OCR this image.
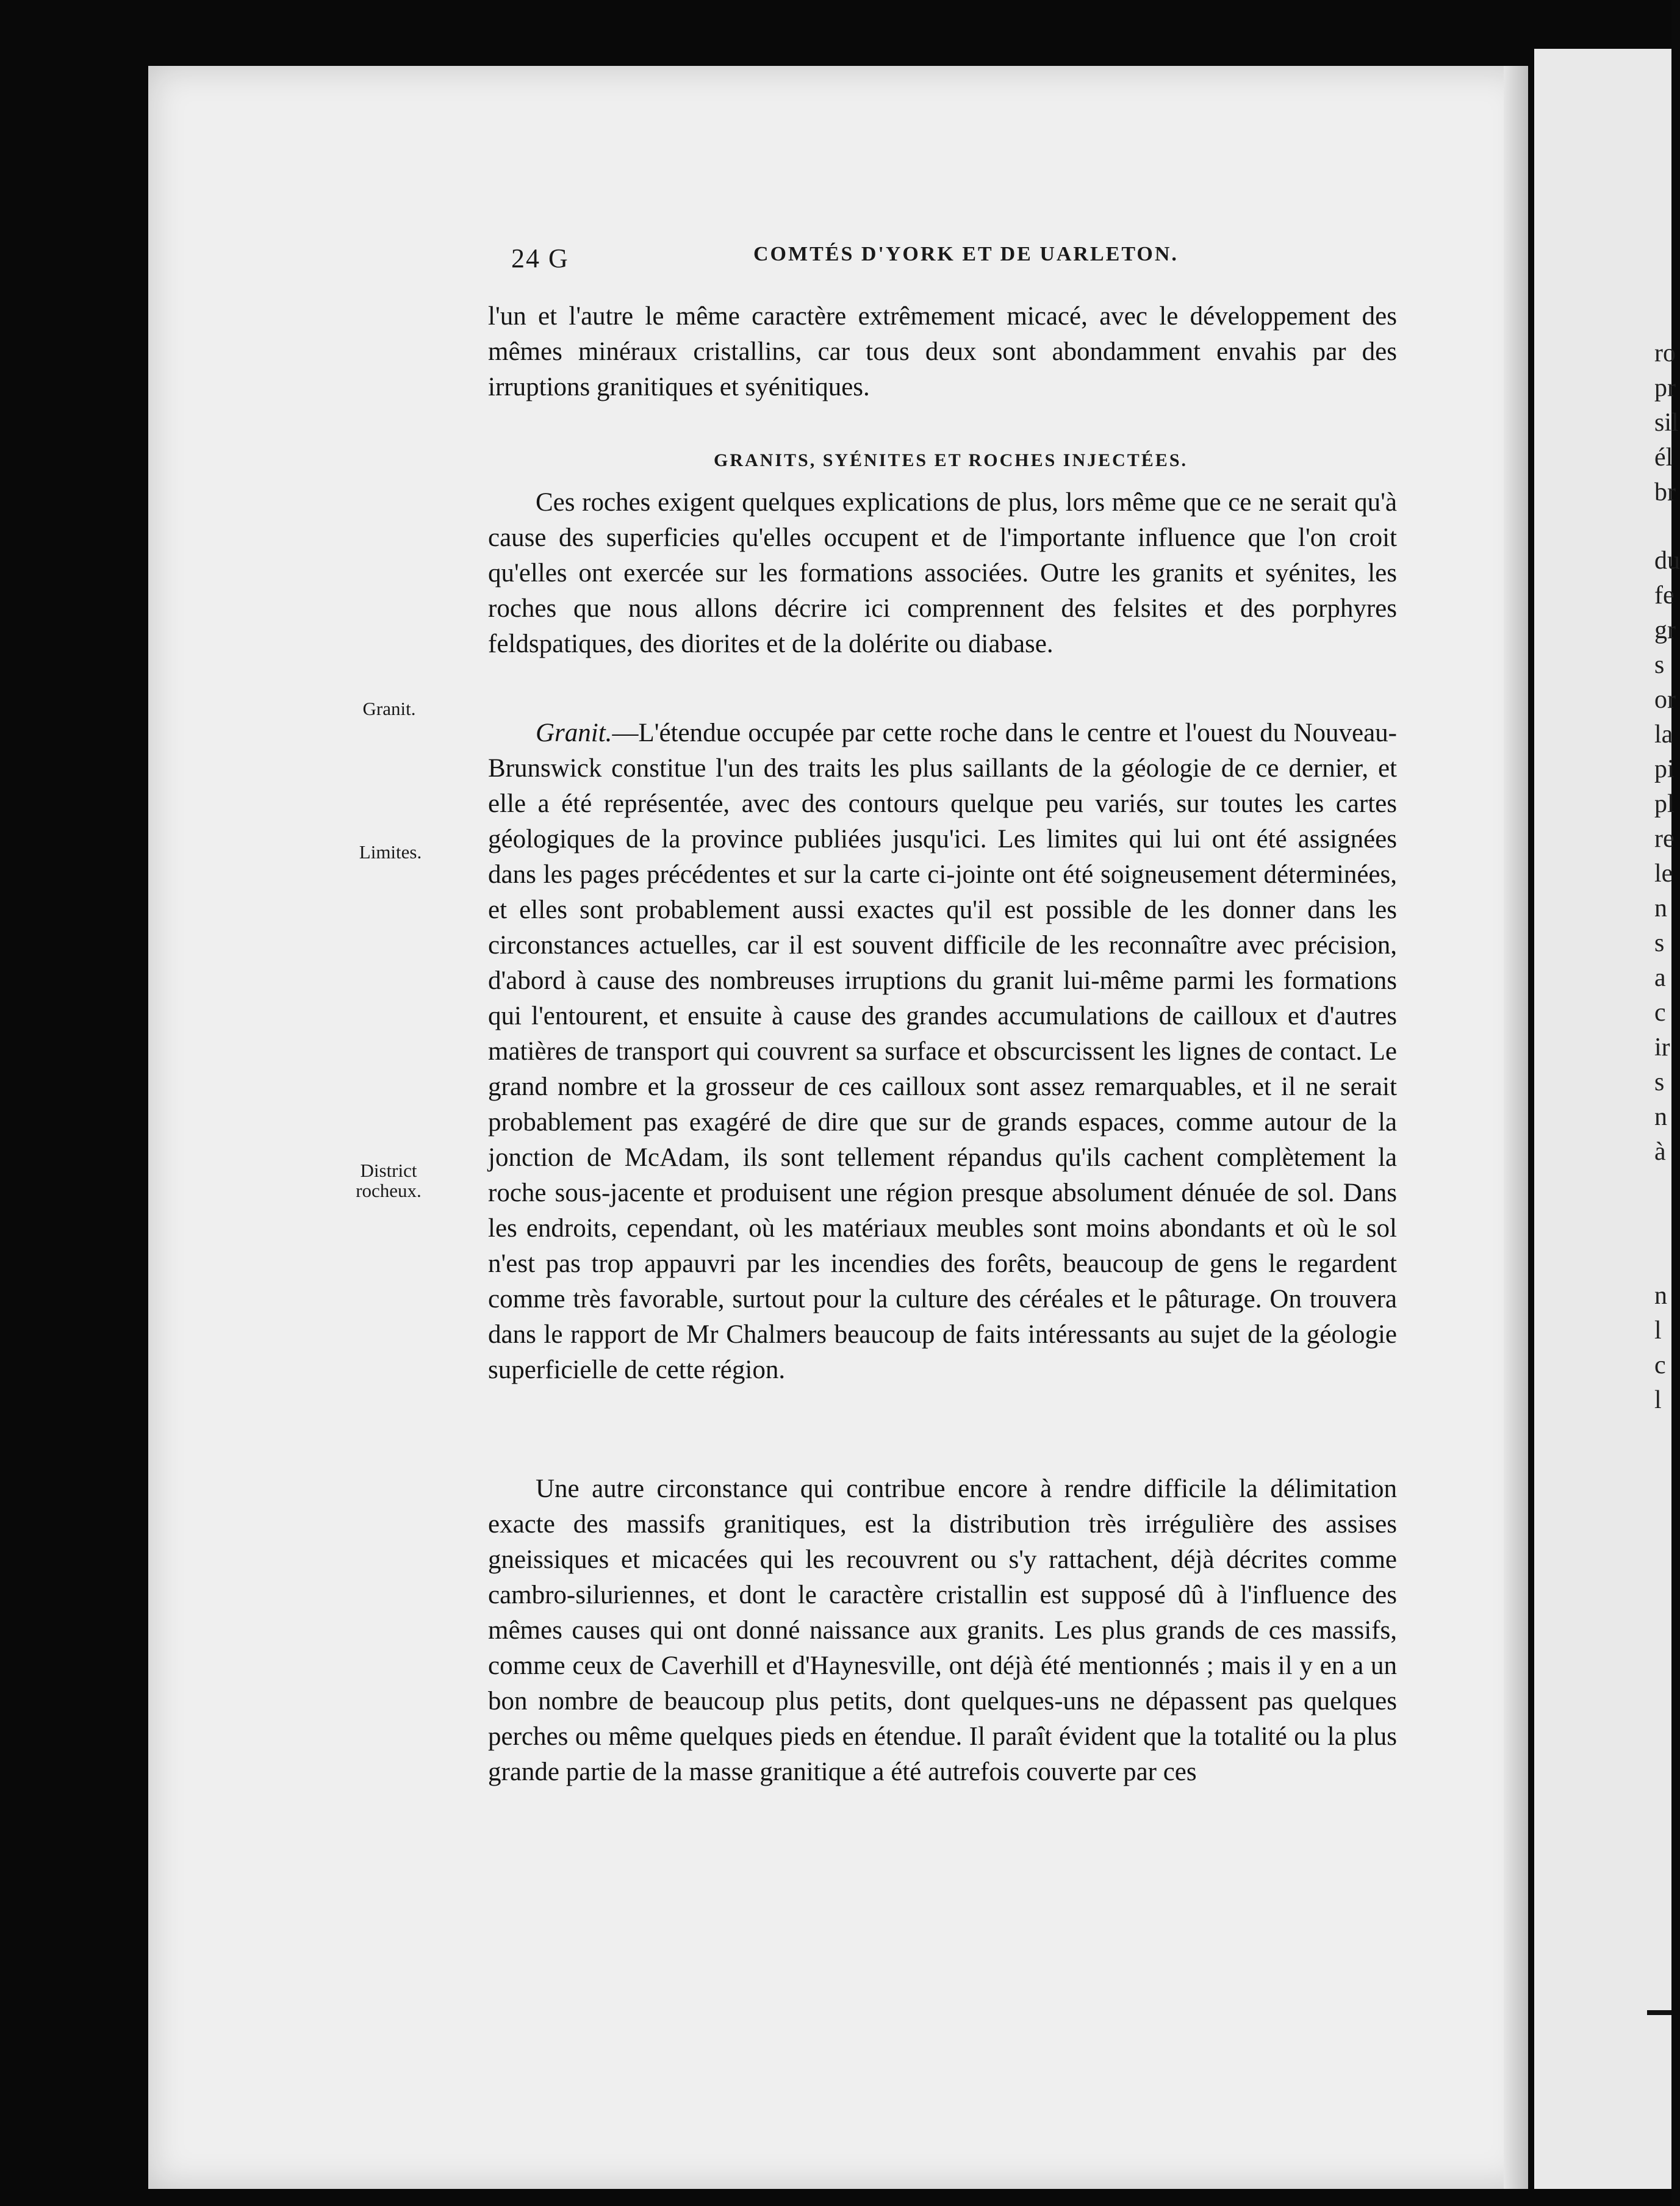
24 G	COMTÉS D'YORK ET DE UARLETON.

l'un et l'autre le même caractère extrêmement micacé, avec le développement des mêmes minéraux cristallins, car tous deux sont abondamment envahis par des irruptions granitiques et syénitiques.

GRANITS, SYÉNITES ET ROCHES INJECTÉES.

Ces roches exigent quelques explications de plus, lors même que ce ne serait qu'à cause des superficies qu'elles occupent et de l'importante influence que l'on croit qu'elles ont exercée sur les formations associées. Outre les granits et syénites, les roches que nous allons décrire ici comprennent des felsites et des porphyres feldspatiques, des diorites et de la dolérite ou diabase.

Granit.—L'étendue occupée par cette roche dans le centre et l'ouest du Nouveau-Brunswick constitue l'un des traits les plus saillants de la géologie de ce dernier, et elle a été représentée, avec des contours quelque peu variés, sur toutes les cartes géologiques de la province publiées jusqu'ici. Les limites qui lui ont été assignées dans les pages précédentes et sur la carte ci-jointe ont été soigneusement déterminées, et elles sont probablement aussi exactes qu'il est possible de les donner dans les circonstances actuelles, car il est souvent difficile de les reconnaître avec précision, d'abord à cause des nombreuses irruptions du granit lui-même parmi les formations qui l'entourent, et ensuite à cause des grandes accumulations de cailloux et d'autres matières de transport qui couvrent sa surface et obscurcissent les lignes de contact. Le grand nombre et la grosseur de ces cailloux sont assez remarquables, et il ne serait probablement pas exagéré de dire que sur de grands espaces, comme autour de la jonction de McAdam, ils sont tellement répandus qu'ils cachent complètement la roche sous-jacente et produisent une région presque absolument dénuée de sol. Dans les endroits, cependant, où les matériaux meubles sont moins abondants et où le sol n'est pas trop appauvri par les incendies des forêts, beaucoup de gens le regardent comme très favorable, surtout pour la culture des céréales et le pâturage. On trouvera dans le rapport de Mr Chalmers beaucoup de faits intéressants au sujet de la géologie superficielle de cette région.

Une autre circonstance qui contribue encore à rendre difficile la délimitation exacte des massifs granitiques, est la distribution très irrégulière des assises gneissiques et micacées qui les recouvrent ou s'y rattachent, déjà décrites comme cambro-siluriennes, et dont le caractère cristallin est supposé dû à l'influence des mêmes causes qui ont donné naissance aux granits. Les plus grands de ces massifs, comme ceux de Caverhill et d'Haynesville, ont déjà été mentionnés ; mais il y en a un bon nombre de beaucoup plus petits, dont quelques-uns ne dépassent pas quelques perches ou même quelques pieds en étendue. Il paraît évident que la totalité ou la plus grande partie de la masse granitique a été autrefois couverte par ces

Granit.
Limites.
District rocheux.
ro
pr
sil
él
br
du
fe
gr
s
or
la
pi
pl
re
le
n
s
a
c
ir
s
n
à
n
l
c
l
